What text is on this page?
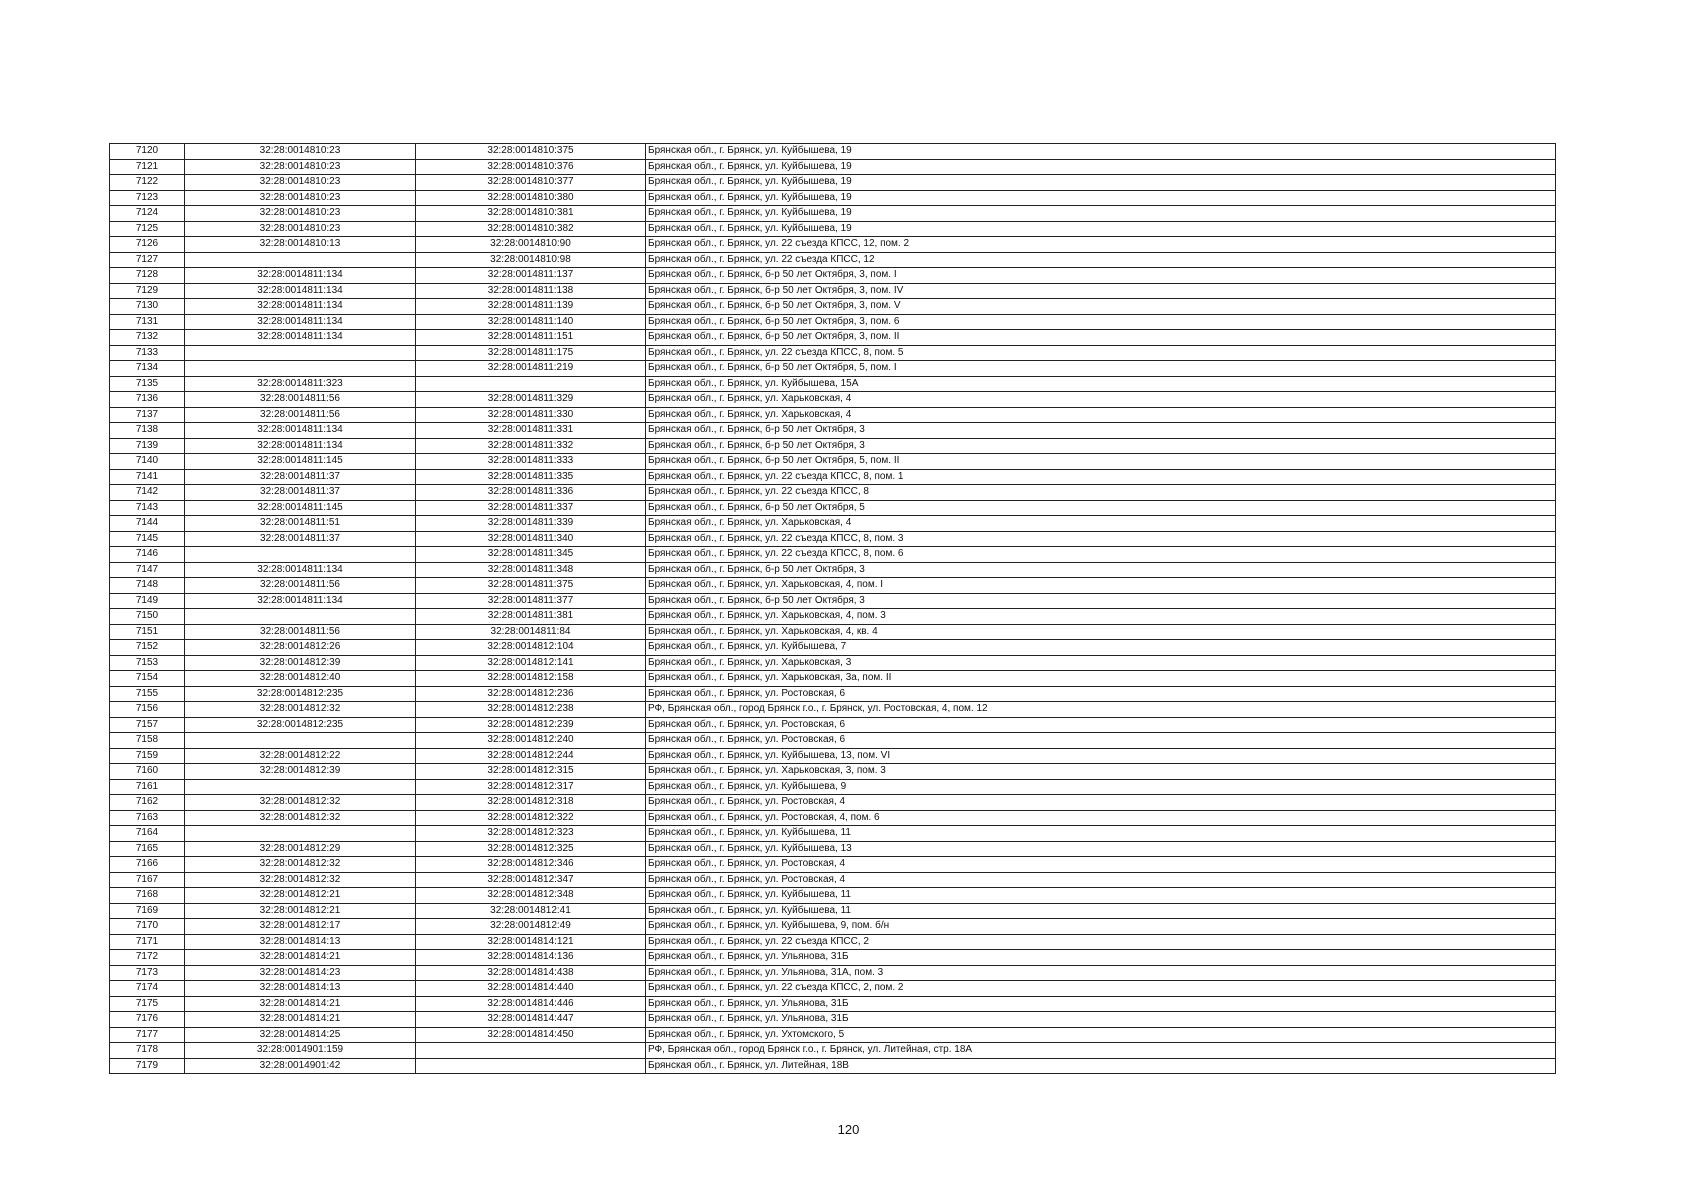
7120	32:28:0014810:23	32:28:0014810:375	Брянская обл., г. Брянск, ул. Куйбышева, 19
7121	32:28:0014810:23	32:28:0014810:376	Брянская обл., г. Брянск, ул. Куйбышева, 19
7122	32:28:0014810:23	32:28:0014810:377	Брянская обл., г. Брянск, ул. Куйбышева, 19
7123	32:28:0014810:23	32:28:0014810:380	Брянская обл., г. Брянск, ул. Куйбышева, 19
7124	32:28:0014810:23	32:28:0014810:381	Брянская обл., г. Брянск, ул. Куйбышева, 19
7125	32:28:0014810:23	32:28:0014810:382	Брянская обл., г. Брянск, ул. Куйбышева, 19
7126	32:28:0014810:13	32:28:0014810:90	Брянская обл., г. Брянск, ул. 22 съезда КПСС, 12, пом. 2
7127		32:28:0014810:98	Брянская обл., г. Брянск, ул. 22 съезда КПСС, 12
7128	32:28:0014811:134	32:28:0014811:137	Брянская обл., г. Брянск, б-р 50 лет Октября, 3, пом. I
7129	32:28:0014811:134	32:28:0014811:138	Брянская обл., г. Брянск, б-р 50 лет Октября, 3, пом. IV
7130	32:28:0014811:134	32:28:0014811:139	Брянская обл., г. Брянск, б-р 50 лет Октября, 3, пом. V
7131	32:28:0014811:134	32:28:0014811:140	Брянская обл., г. Брянск, б-р 50 лет Октября, 3, пом. 6
7132	32:28:0014811:134	32:28:0014811:151	Брянская обл., г. Брянск, б-р 50 лет Октября, 3, пом. II
7133		32:28:0014811:175	Брянская обл., г. Брянск, ул. 22 съезда КПСС, 8, пом. 5
7134		32:28:0014811:219	Брянская обл., г. Брянск, б-р 50 лет Октября, 5, пом. I
7135	32:28:0014811:323		Брянская обл., г. Брянск, ул. Куйбышева, 15А
7136	32:28:0014811:56	32:28:0014811:329	Брянская обл., г. Брянск, ул. Харьковская, 4
7137	32:28:0014811:56	32:28:0014811:330	Брянская обл., г. Брянск, ул. Харьковская, 4
7138	32:28:0014811:134	32:28:0014811:331	Брянская обл., г. Брянск, б-р 50 лет Октября, 3
7139	32:28:0014811:134	32:28:0014811:332	Брянская обл., г. Брянск, б-р 50 лет Октября, 3
7140	32:28:0014811:145	32:28:0014811:333	Брянская обл., г. Брянск, б-р 50 лет Октября, 5, пом. II
7141	32:28:0014811:37	32:28:0014811:335	Брянская обл., г. Брянск, ул. 22 съезда КПСС, 8, пом. 1
7142	32:28:0014811:37	32:28:0014811:336	Брянская обл., г. Брянск, ул. 22 съезда КПСС, 8
7143	32:28:0014811:145	32:28:0014811:337	Брянская обл., г. Брянск, б-р 50 лет Октября, 5
7144	32:28:0014811:51	32:28:0014811:339	Брянская обл., г. Брянск, ул. Харьковская, 4
7145	32:28:0014811:37	32:28:0014811:340	Брянская обл., г. Брянск, ул. 22 съезда КПСС, 8, пом. 3
7146		32:28:0014811:345	Брянская обл., г. Брянск, ул. 22 съезда КПСС, 8, пом. 6
7147	32:28:0014811:134	32:28:0014811:348	Брянская обл., г. Брянск, б-р 50 лет Октября, 3
7148	32:28:0014811:56	32:28:0014811:375	Брянская обл., г. Брянск, ул. Харьковская, 4, пом. I
7149	32:28:0014811:134	32:28:0014811:377	Брянская обл., г. Брянск, б-р 50 лет Октября, 3
7150		32:28:0014811:381	Брянская обл., г. Брянск, ул. Харьковская, 4, пом. 3
7151	32:28:0014811:56	32:28:0014811:84	Брянская обл., г. Брянск, ул. Харьковская, 4, кв. 4
7152	32:28:0014812:26	32:28:0014812:104	Брянская обл., г. Брянск, ул. Куйбышева, 7
7153	32:28:0014812:39	32:28:0014812:141	Брянская обл., г. Брянск, ул. Харьковская, 3
7154	32:28:0014812:40	32:28:0014812:158	Брянская обл., г. Брянск, ул. Харьковская, 3а, пом. II
7155	32:28:0014812:235	32:28:0014812:236	Брянская обл., г. Брянск, ул. Ростовская, 6
7156	32:28:0014812:32	32:28:0014812:238	РФ, Брянская обл., город Брянск г.о., г. Брянск, ул. Ростовская, 4, пом. 12
7157	32:28:0014812:235	32:28:0014812:239	Брянская обл., г. Брянск, ул. Ростовская, 6
7158		32:28:0014812:240	Брянская обл., г. Брянск, ул. Ростовская, 6
7159	32:28:0014812:22	32:28:0014812:244	Брянская обл., г. Брянск, ул. Куйбышева, 13, пом. VI
7160	32:28:0014812:39	32:28:0014812:315	Брянская обл., г. Брянск, ул. Харьковская, 3, пом. 3
7161		32:28:0014812:317	Брянская обл., г. Брянск, ул. Куйбышева, 9
7162	32:28:0014812:32	32:28:0014812:318	Брянская обл., г. Брянск, ул. Ростовская, 4
7163	32:28:0014812:32	32:28:0014812:322	Брянская обл., г. Брянск, ул. Ростовская, 4, пом. 6
7164		32:28:0014812:323	Брянская обл., г. Брянск, ул. Куйбышева, 11
7165	32:28:0014812:29	32:28:0014812:325	Брянская обл., г. Брянск, ул. Куйбышева, 13
7166	32:28:0014812:32	32:28:0014812:346	Брянская обл., г. Брянск, ул. Ростовская, 4
7167	32:28:0014812:32	32:28:0014812:347	Брянская обл., г. Брянск, ул. Ростовская, 4
7168	32:28:0014812:21	32:28:0014812:348	Брянская обл., г. Брянск, ул. Куйбышева, 11
7169	32:28:0014812:21	32:28:0014812:41	Брянская обл., г. Брянск, ул. Куйбышева, 11
7170	32:28:0014812:17	32:28:0014812:49	Брянская обл., г. Брянск, ул. Куйбышева, 9, пом. б/н
7171	32:28:0014814:13	32:28:0014814:121	Брянская обл., г. Брянск, ул. 22 съезда КПСС, 2
7172	32:28:0014814:21	32:28:0014814:136	Брянская обл., г. Брянск, ул. Ульянова, 31Б
7173	32:28:0014814:23	32:28:0014814:438	Брянская обл., г. Брянск, ул. Ульянова, 31А, пом. 3
7174	32:28:0014814:13	32:28:0014814:440	Брянская обл., г. Брянск, ул. 22 съезда КПСС, 2, пом. 2
7175	32:28:0014814:21	32:28:0014814:446	Брянская обл., г. Брянск, ул. Ульянова, 31Б
7176	32:28:0014814:21	32:28:0014814:447	Брянская обл., г. Брянск, ул. Ульянова, 31Б
7177	32:28:0014814:25	32:28:0014814:450	Брянская обл., г. Брянск, ул. Ухтомского, 5
7178	32:28:0014901:159		РФ, Брянская обл., город Брянск г.о., г. Брянск, ул. Литейная, стр. 18А
7179	32:28:0014901:42		Брянская обл., г. Брянск, ул. Литейная, 18В
120
